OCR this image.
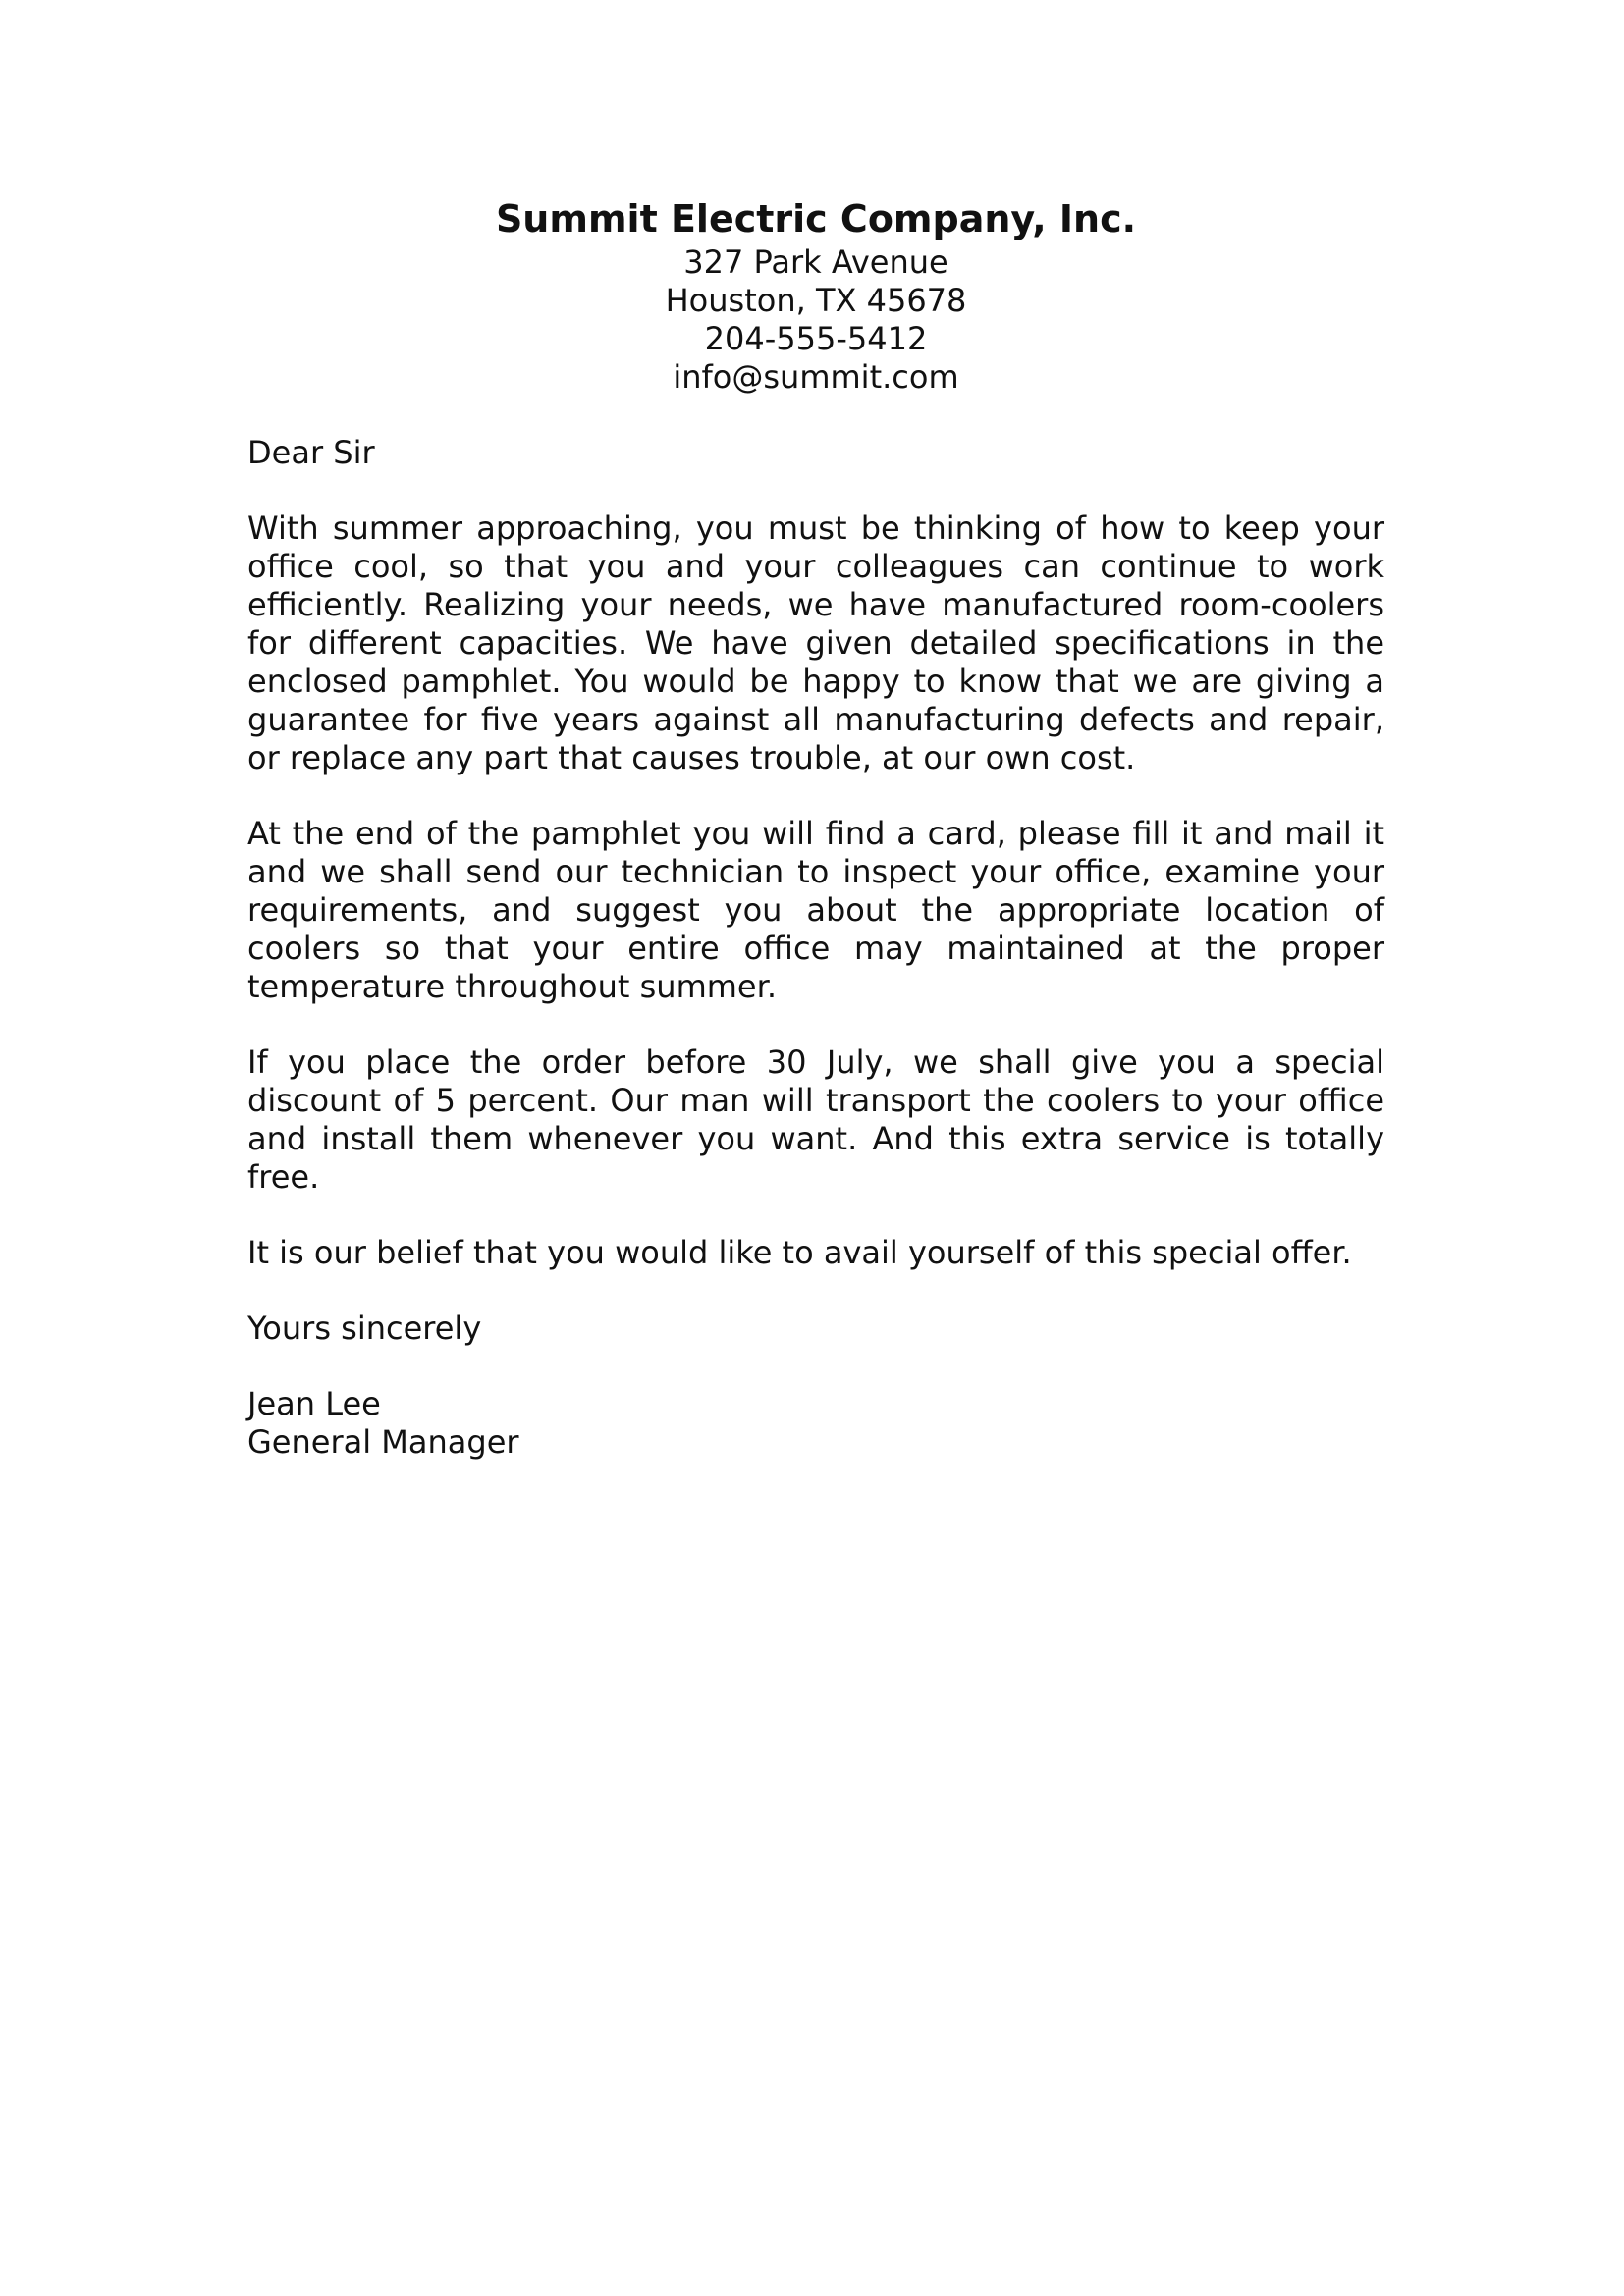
Summit Electric Company, Inc.
327 Park Avenue
Houston, TX 45678
204-555-5412
info@summit.com
Dear Sir
With summer approaching, you must be thinking of how to keep your office cool, so that you and your colleagues can continue to work efficiently. Realizing your needs, we have manufactured room-coolers for different capacities. We have given detailed specifications in the enclosed pamphlet. You would be happy to know that we are giving a guarantee for five years against all manufacturing defects and repair, or replace any part that causes trouble, at our own cost.
At the end of the pamphlet you will find a card, please fill it and mail it and we shall send our technician to inspect your office, examine your requirements, and suggest you about the appropriate location of coolers so that your entire office may maintained at the proper temperature throughout summer.
If you place the order before 30 July, we shall give you a special discount of 5 percent. Our man will transport the coolers to your office and install them whenever you want. And this extra service is totally free.
It is our belief that you would like to avail yourself of this special offer.
Yours sincerely
Jean Lee
General Manager
